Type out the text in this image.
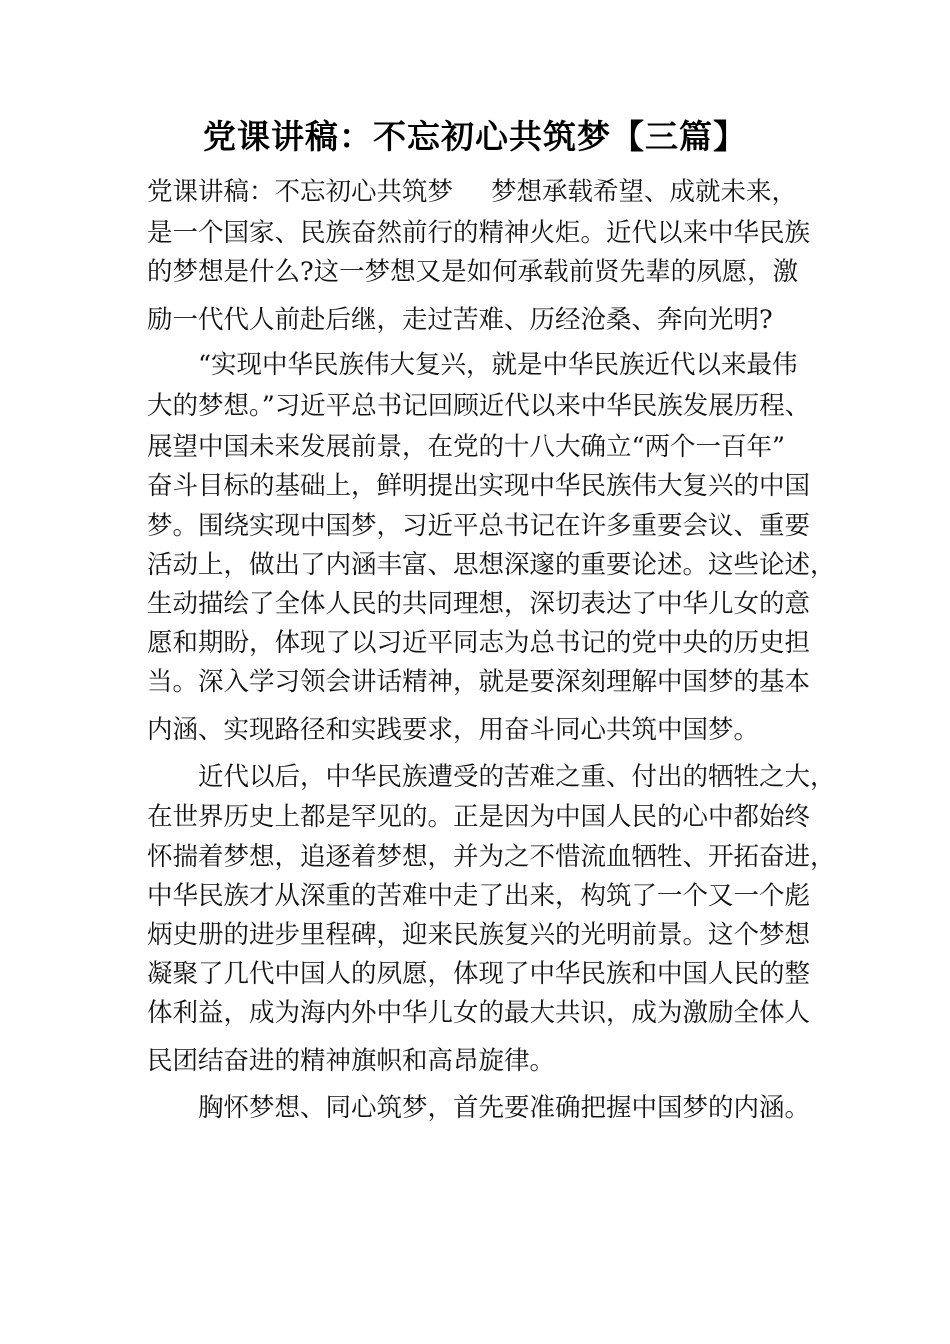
党课讲稿：不忘初心共筑梦【三篇】
党课讲稿：不忘初心共筑梦 梦想承载希望、成就未来，
是一个国家、民族奋然前行的精神火炬。近代以来中华民族
的梦想是什么?这一梦想又是如何承载前贤先辈的夙愿，激
励一代代人前赴后继，走过苦难、历经沧桑、奔向光明?
“实现中华民族伟大复兴，就是中华民族近代以来最伟
大的梦想。”习近平总书记回顾近代以来中华民族发展历程、
展望中国未来发展前景，在党的十八大确立“两个一百年”
奋斗目标的基础上，鲜明提出实现中华民族伟大复兴的中国
梦。围绕实现中国梦，习近平总书记在许多重要会议、重要
活动上，做出了内涵丰富、思想深邃的重要论述。这些论述，
生动描绘了全体人民的共同理想，深切表达了中华儿女的意
愿和期盼，体现了以习近平同志为总书记的党中央的历史担
当。深入学习领会讲话精神，就是要深刻理解中国梦的基本
内涵、实现路径和实践要求，用奋斗同心共筑中国梦。
近代以后，中华民族遭受的苦难之重、付出的牺牲之大，
在世界历史上都是罕见的。正是因为中国人民的心中都始终
怀揣着梦想，追逐着梦想，并为之不惜流血牺牲、开拓奋进，
中华民族才从深重的苦难中走了出来，构筑了一个又一个彪
炳史册的进步里程碑，迎来民族复兴的光明前景。这个梦想
凝聚了几代中国人的夙愿，体现了中华民族和中国人民的整
体利益，成为海内外中华儿女的最大共识，成为激励全体人
民团结奋进的精神旗帜和高昂旋律。
胸怀梦想、同心筑梦，首先要准确把握中国梦的内涵。
